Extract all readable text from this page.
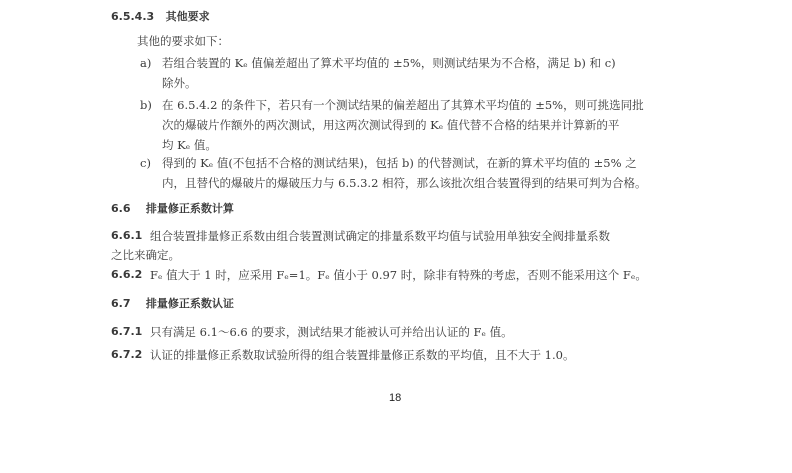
6.5.4.3 其他要求
其他的要求如下：
a) 若组合装置的 Kₑ 值偏差超出了算术平均值的 ±5%，则测试结果为不合格，满足 b) 和 c)
除外。
b) 在 6.5.4.2 的条件下，若只有一个测试结果的偏差超出了其算术平均值的 ±5%，则可挑选同批
次的爆破片作额外的两次测试，用这两次测试得到的 Kₑ 值代替不合格的结果并计算新的平
均 Kₑ 值。
c) 得到的 Kₑ 值(不包括不合格的测试结果)，包括 b) 的代替测试，在新的算术平均值的 ±5% 之
内，且替代的爆破片的爆破压力与 6.5.3.2 相符，那么该批次组合装置得到的结果可判为合格。
6.6 排量修正系数计算
6.6.1 组合装置排量修正系数由组合装置测试确定的排量系数平均值与试验用单独安全阀排量系数
之比来确定。
6.6.2 Fₑ 值大于 1 时，应采用 Fₑ=1。Fₑ 值小于 0.97 时，除非有特殊的考虑，否则不能采用这个 Fₑ。
6.7 排量修正系数认证
6.7.1 只有满足 6.1～6.6 的要求，测试结果才能被认可并给出认证的 Fₑ 值。
6.7.2 认证的排量修正系数取试验所得的组合装置排量修正系数的平均值，且不大于 1.0。
18
